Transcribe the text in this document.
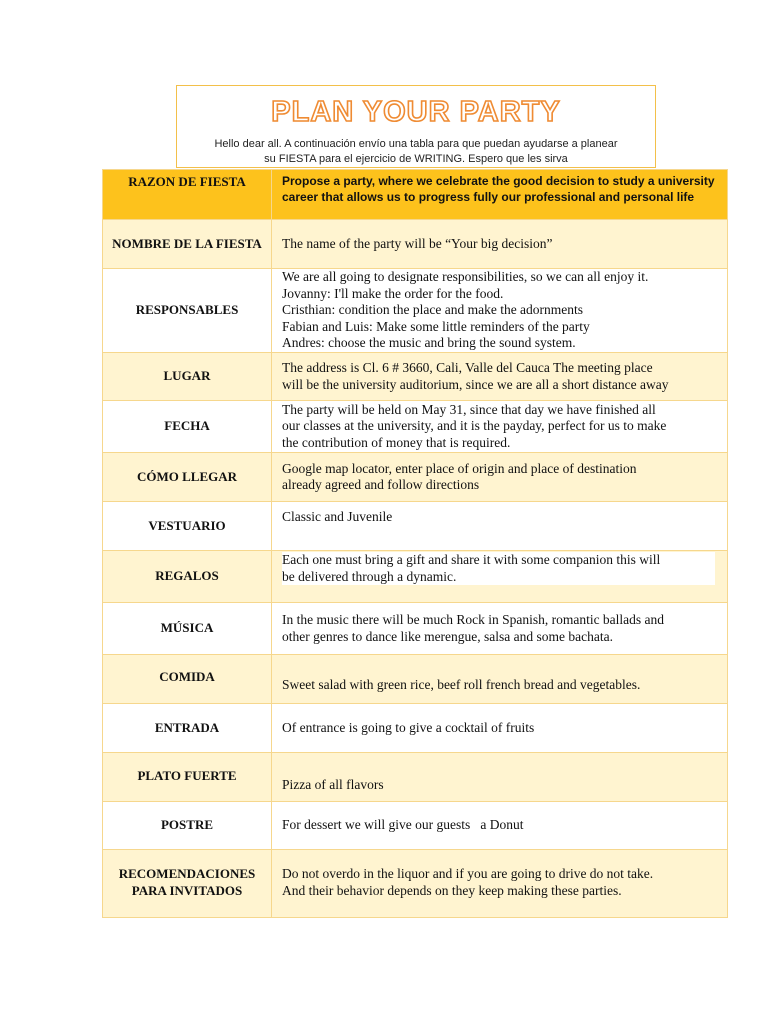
PLAN YOUR PARTY
Hello dear all. A continuación envío una tabla para que puedan ayudarse a planear
su FIESTA para el ejercicio de WRITING. Espero que les sirva
RAZON DE FIESTA	Propose a party, where we celebrate the good decision to study a university
career that allows us to progress fully our professional and personal life

NOMBRE DE LA FIESTA	The name of the party will be “Your big decision”

RESPONSABLES	We are all going to designate responsibilities, so we can all enjoy it.
Jovanny: I'll make the order for the food.
Cristhian: condition the place and make the adornments
Fabian and Luis: Make some little reminders of the party
Andres: choose the music and bring the sound system.

LUGAR	The address is Cl. 6 # 3660, Cali, Valle del Cauca The meeting place
will be the university auditorium, since we are all a short distance away

FECHA	The party will be held on May 31, since that day we have finished all
our classes at the university, and it is the payday, perfect for us to make
the contribution of money that is required.

CÓMO LLEGAR	Google map locator, enter place of origin and place of destination
already agreed and follow directions

VESTUARIO	Classic and Juvenile

REGALOS	Each one must bring a gift and share it with some companion this will
be delivered through a dynamic.

MÚSICA	In the music there will be much Rock in Spanish, romantic ballads and
other genres to dance like merengue, salsa and some bachata.

COMIDA	Sweet salad with green rice, beef roll french bread and vegetables.

ENTRADA	Of entrance is going to give a cocktail of fruits

PLATO FUERTE	Pizza of all flavors

POSTRE	For dessert we will give our guests   a Donut

RECOMENDACIONES PARA INVITADOS	Do not overdo in the liquor and if you are going to drive do not take.
And their behavior depends on they keep making these parties.
